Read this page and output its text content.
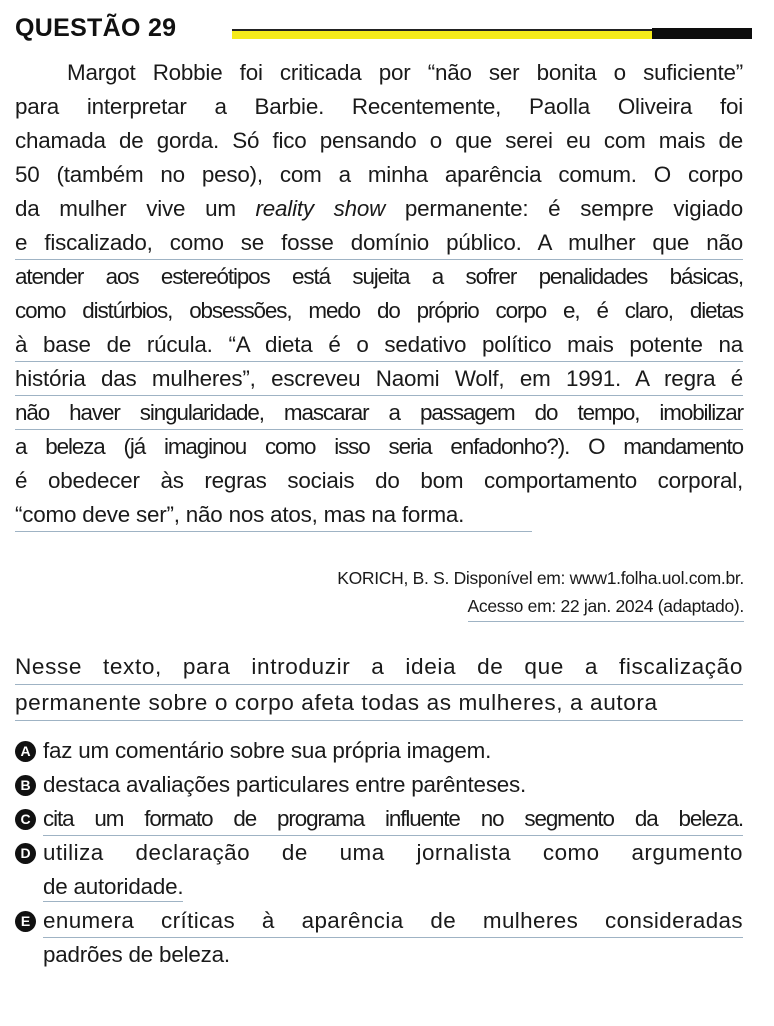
QUESTÃO 29
Margot Robbie foi criticada por “não ser bonita o suficiente”
para interpretar a Barbie. Recentemente, Paolla Oliveira foi
chamada de gorda. Só fico pensando o que serei eu com mais de
50 (também no peso), com a minha aparência comum. O corpo
da mulher vive um reality show permanente: é sempre vigiado
e fiscalizado, como se fosse domínio público. A mulher que não
atender aos estereótipos está sujeita a sofrer penalidades básicas,
como distúrbios, obsessões, medo do próprio corpo e, é claro, dietas
à base de rúcula. “A dieta é o sedativo político mais potente na
história das mulheres”, escreveu Naomi Wolf, em 1991. A regra é
não haver singularidade, mascarar a passagem do tempo, imobilizar
a beleza (já imaginou como isso seria enfadonho?). O mandamento
é obedecer às regras sociais do bom comportamento corporal,
“como deve ser”, não nos atos, mas na forma.
KORICH, B. S. Disponível em: www1.folha.uol.com.br.
Acesso em: 22 jan. 2024 (adaptado).
Nesse texto, para introduzir a ideia de que a fiscalização
permanente sobre o corpo afeta todas as mulheres, a autora
A faz um comentário sobre sua própria imagem.
B destaca avaliações particulares entre parênteses.
C cita um formato de programa influente no segmento da beleza.
D utiliza declaração de uma jornalista como argumento
de autoridade.
E enumera críticas à aparência de mulheres consideradas
padrões de beleza.
